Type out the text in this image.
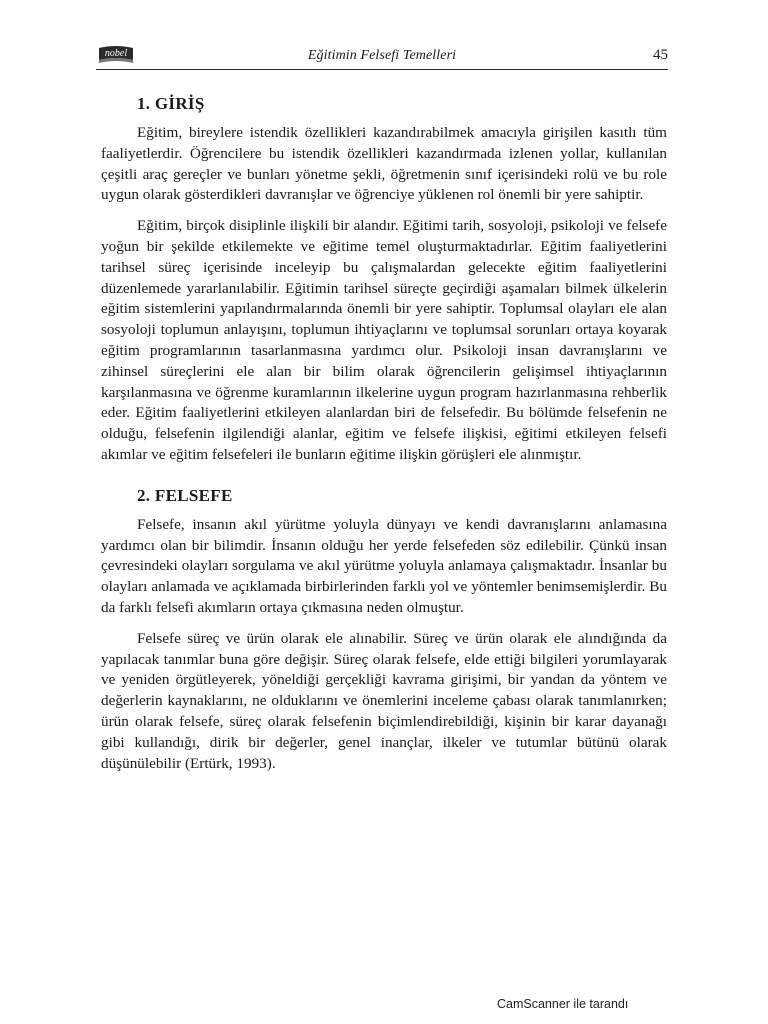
nobel	Eğitimin Felsefi Temelleri	45
1. GİRİŞ

Eğitim, bireylere istendik özellikleri kazandırabilmek amacıyla girişilen kasıtlı tüm faaliyetlerdir. Öğrencilere bu istendik özellikleri kazandırmada izlenen yollar, kullanılan çeşitli araç gereçler ve bunları yönetme şekli, öğretmenin sınıf içerisindeki rolü ve bu role uygun olarak gösterdikleri davranışlar ve öğrenciye yüklenen rol önemli bir yere sahiptir.

Eğitim, birçok disiplinle ilişkili bir alandır. Eğitimi tarih, sosyoloji, psikoloji ve felsefe yoğun bir şekilde etkilemekte ve eğitime temel oluşturmaktadırlar. Eğitim faaliyetlerini tarihsel süreç içerisinde inceleyip bu çalışmalardan gelecekte eğitim faaliyetlerini düzenlemede yararlanılabilir. Eğitimin tarihsel süreçte geçirdiği aşamaları bilmek ülkelerin eğitim sistemlerini yapılandırmalarında önemli bir yere sahiptir. Toplumsal olayları ele alan sosyoloji toplumun anlayışını, toplumun ihtiyaçlarını ve toplumsal sorunları ortaya koyarak eğitim programlarının tasarlanmasına yardımcı olur. Psikoloji insan davranışlarını ve zihinsel süreçlerini ele alan bir bilim olarak öğrencilerin gelişimsel ihtiyaçlarının karşılanmasına ve öğrenme kuramlarının ilkelerine uygun program hazırlanmasına rehberlik eder. Eğitim faaliyetlerini etkileyen alanlardan biri de felsefedir. Bu bölümde felsefenin ne olduğu, felsefenin ilgilendiği alanlar, eğitim ve felsefe ilişkisi, eğitimi etkileyen felsefi akımlar ve eğitim felsefeleri ile bunların eğitime ilişkin görüşleri ele alınmıştır.

2. FELSEFE

Felsefe, insanın akıl yürütme yoluyla dünyayı ve kendi davranışlarını anlamasına yardımcı olan bir bilimdir. İnsanın olduğu her yerde felsefeden söz edilebilir. Çünkü insan çevresindeki olayları sorgulama ve akıl yürütme yoluyla anlamaya çalışmaktadır. İnsanlar bu olayları anlamada ve açıklamada birbirlerinden farklı yol ve yöntemler benimsemişlerdir. Bu da farklı felsefi akımların ortaya çıkmasına neden olmuştur.

Felsefe süreç ve ürün olarak ele alınabilir. Süreç ve ürün olarak ele alındığında da yapılacak tanımlar buna göre değişir. Süreç olarak felsefe, elde ettiği bilgileri yorumlayarak ve yeniden örgütleyerek, yöneldiği gerçekliği kavrama girişimi, bir yandan da yöntem ve değerlerin kaynaklarını, ne olduklarını ve önemlerini inceleme çabası olarak tanımlanırken; ürün olarak felsefe, süreç olarak felsefenin biçimlendirebildiği, kişinin bir karar dayanağı gibi kullandığı, dirik bir değerler, genel inançlar, ilkeler ve tutumlar bütünü olarak düşünülebilir (Ertürk, 1993).

CamScanner ile tarandı
